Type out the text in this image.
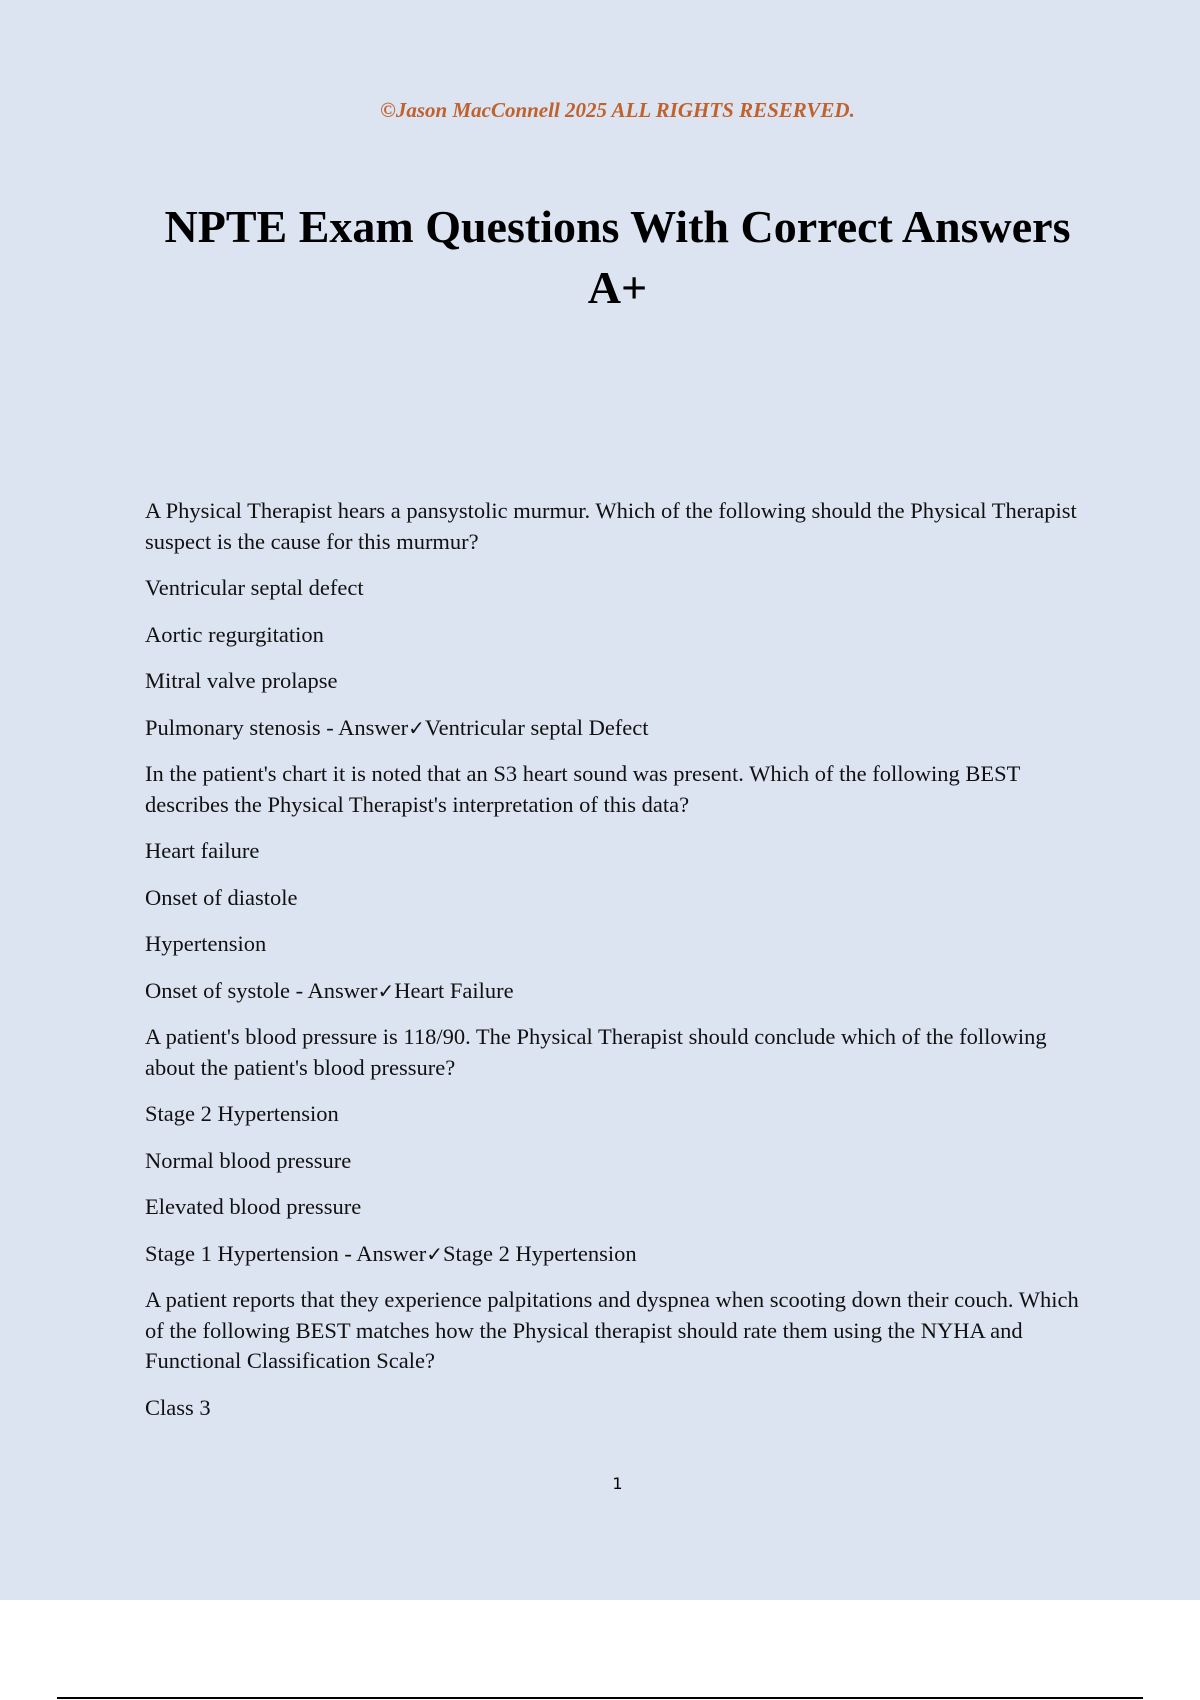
©Jason MacConnell 2025 ALL RIGHTS RESERVED.
NPTE Exam Questions With Correct Answers A+

A Physical Therapist hears a pansystolic murmur. Which of the following should the Physical Therapist suspect is the cause for this murmur?

Ventricular septal defect

Aortic regurgitation

Mitral valve prolapse

Pulmonary stenosis - Answer✓Ventricular septal Defect

In the patient's chart it is noted that an S3 heart sound was present. Which of the following BEST describes the Physical Therapist's interpretation of this data?

Heart failure

Onset of diastole

Hypertension

Onset of systole - Answer✓Heart Failure

A patient's blood pressure is 118/90. The Physical Therapist should conclude which of the following about the patient's blood pressure?

Stage 2 Hypertension

Normal blood pressure

Elevated blood pressure

Stage 1 Hypertension - Answer✓Stage 2 Hypertension

A patient reports that they experience palpitations and dyspnea when scooting down their couch. Which of the following BEST matches how the Physical therapist should rate them using the NYHA and Functional Classification Scale?

Class 3

1
